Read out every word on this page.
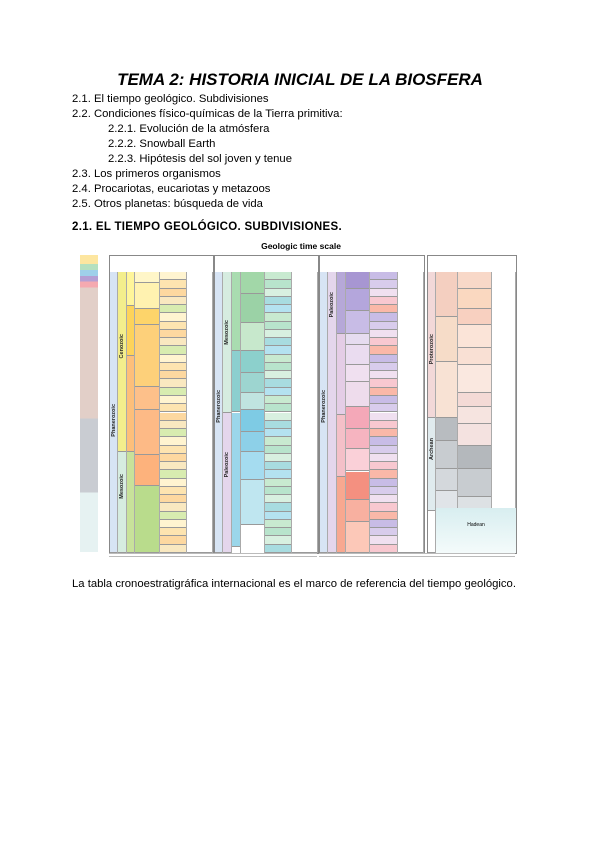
TEMA 2: HISTORIA INICIAL DE LA BIOSFERA
2.1. El tiempo geológico. Subdivisiones
2.2. Condiciones físico-químicas de la Tierra primitiva:
2.2.1. Evolución de la atmósfera
2.2.2. Snowball Earth
2.2.3. Hipótesis del sol joven y tenue
2.3. Los primeros organismos
2.4. Procariotas, eucariotas y metazoos
2.5. Otros planetas: búsqueda de vida
2.1. EL TIEMPO GEOLÓGICO. SUBDIVISIONES.
Geologic time scale
Phanerozoic
Cenozoic
Mesozoic
Phanerozoic
Mesozoic
Paleozoic
Phanerozoic
Paleozoic
Proterozoic
Archean
Hadean
La tabla cronoestratigráfica internacional es el marco de referencia del tiempo geológico.
